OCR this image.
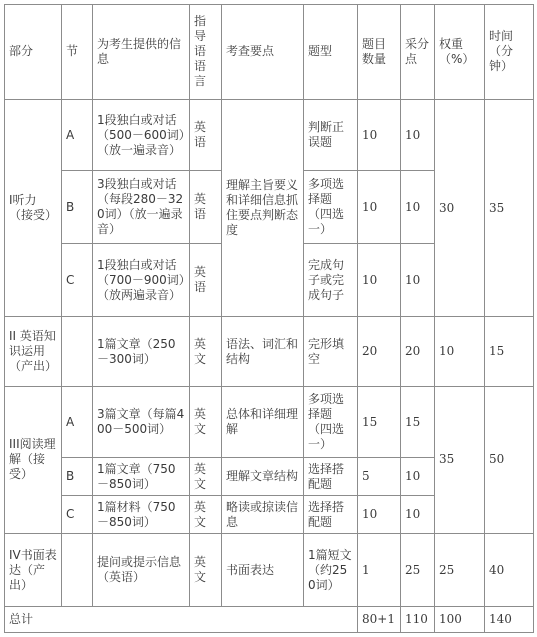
部分	节	为考生提供的信息	指导语语言	考查要点	题型	题目数量	采分点	权重（%）	时间（分钟）
I听力（接受）	A	1段独白或对话（500－600词）（放一遍录音）	英语	理解主旨要义和详细信息抓住要点判断态度	判断正误题	10	10	30	35
	B	3段独白或对话（每段280－320词）（放一遍录音）	英语		多项选择题（四选一）	10	10		
	C	1段独白或对话（700－900词）（放两遍录音）	英语		完成句子或完成句子	10	10		
II 英语知识运用（产出）		1篇文章（250－300词）	英文	语法、词汇和结构	完形填空	20	20	10	15
III阅读理解（接受）	A	3篇文章（每篇400－500词）	英文	总体和详细理解	多项选择题（四选一）	15	15	35	50
	B	1篇文章（750－850词）	英文	理解文章结构	选择搭配题	5	10		
	C	1篇材料（750－850词）	英文	略读或掠读信息	选择搭配题	10	10		
IV书面表达（产出）		提问或提示信息（英语）	英文	书面表达	1篇短文（约250词）	1	25	25	40
总计						80+1	110	100	140
